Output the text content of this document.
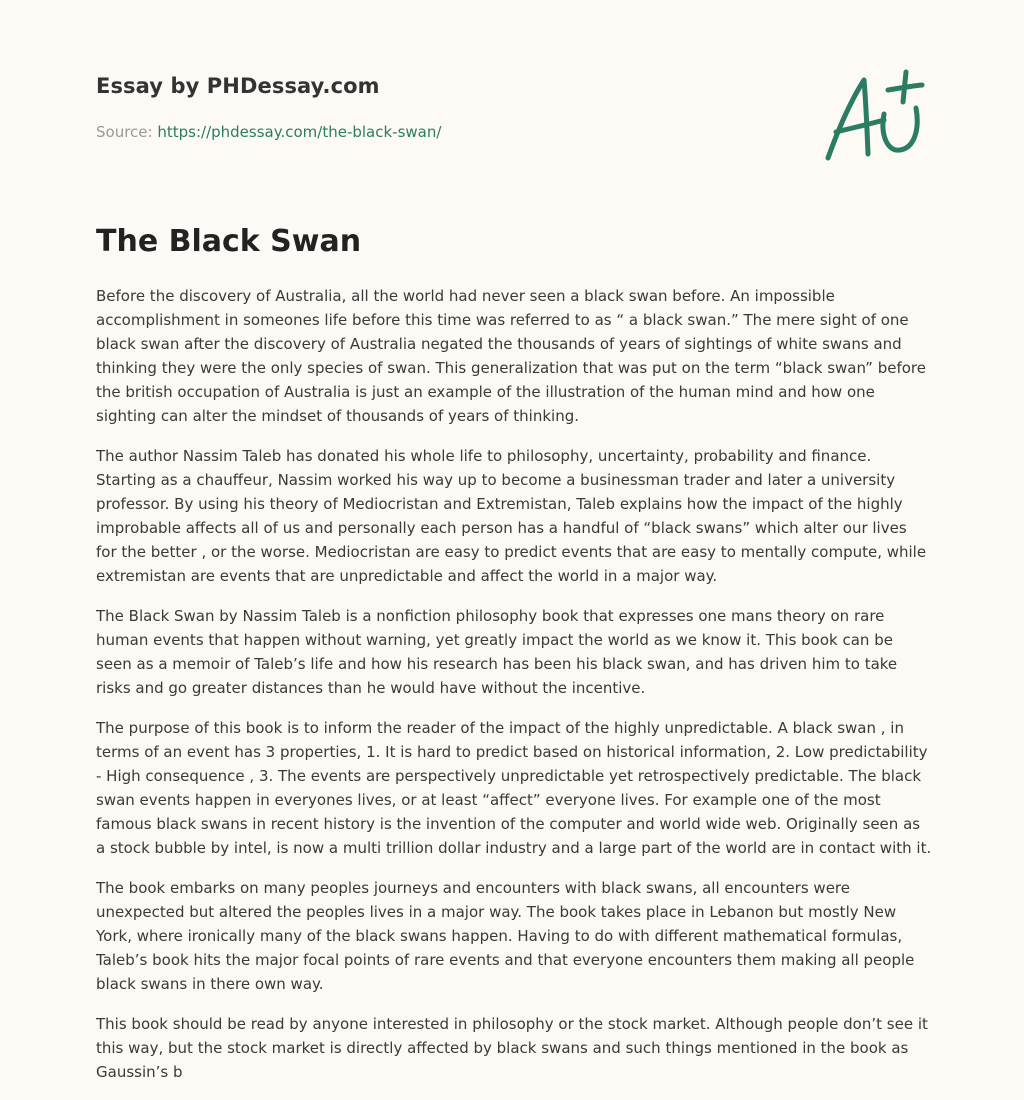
Essay by PHDessay.com
Source: https://phdessay.com/the-black-swan/
The Black Swan

Before the discovery of Australia, all the world had never seen a black swan before. An impossible accomplishment in someones life before this time was referred to as “ a black swan.” The mere sight of one black swan after the discovery of Australia negated the thousands of years of sightings of white swans and thinking they were the only species of swan. This generalization that was put on the term “black swan” before the british occupation of Australia is just an example of the illustration of the human mind and how one sighting can alter the mindset of thousands of years of thinking.

The author Nassim Taleb has donated his whole life to philosophy, uncertainty, probability and finance. Starting as a chauffeur, Nassim worked his way up to become a businessman trader and later a university professor. By using his theory of Mediocristan and Extremistan, Taleb explains how the impact of the highly improbable affects all of us and personally each person has a handful of “black swans” which alter our lives for the better , or the worse. Mediocristan are easy to predict events that are easy to mentally compute, while extremistan are events that are unpredictable and affect the world in a major way.

The Black Swan by Nassim Taleb is a nonfiction philosophy book that expresses one mans theory on rare human events that happen without warning, yet greatly impact the world as we know it. This book can be seen as a memoir of Taleb’s life and how his research has been his black swan, and has driven him to take risks and go greater distances than he would have without the incentive.

The purpose of this book is to inform the reader of the impact of the highly unpredictable. A black swan , in terms of an event has 3 properties, 1. It is hard to predict based on historical information, 2. Low predictability - High consequence , 3. The events are perspectively unpredictable yet retrospectively predictable. The black swan events happen in everyones lives, or at least “affect” everyone lives. For example one of the most famous black swans in recent history is the invention of the computer and world wide web. Originally seen as a stock bubble by intel, is now a multi trillion dollar industry and a large part of the world are in contact with it.

The book embarks on many peoples journeys and encounters with black swans, all encounters were unexpected but altered the peoples lives in a major way. The book takes place in Lebanon but mostly New York, where ironically many of the black swans happen. Having to do with different mathematical formulas, Taleb’s book hits the major focal points of rare events and that everyone encounters them making all people black swans in there own way.

This book should be read by anyone interested in philosophy or the stock market. Although people don’t see it this way, but the stock market is directly affected by black swans and such things mentioned in the book as Gaussin’s b
